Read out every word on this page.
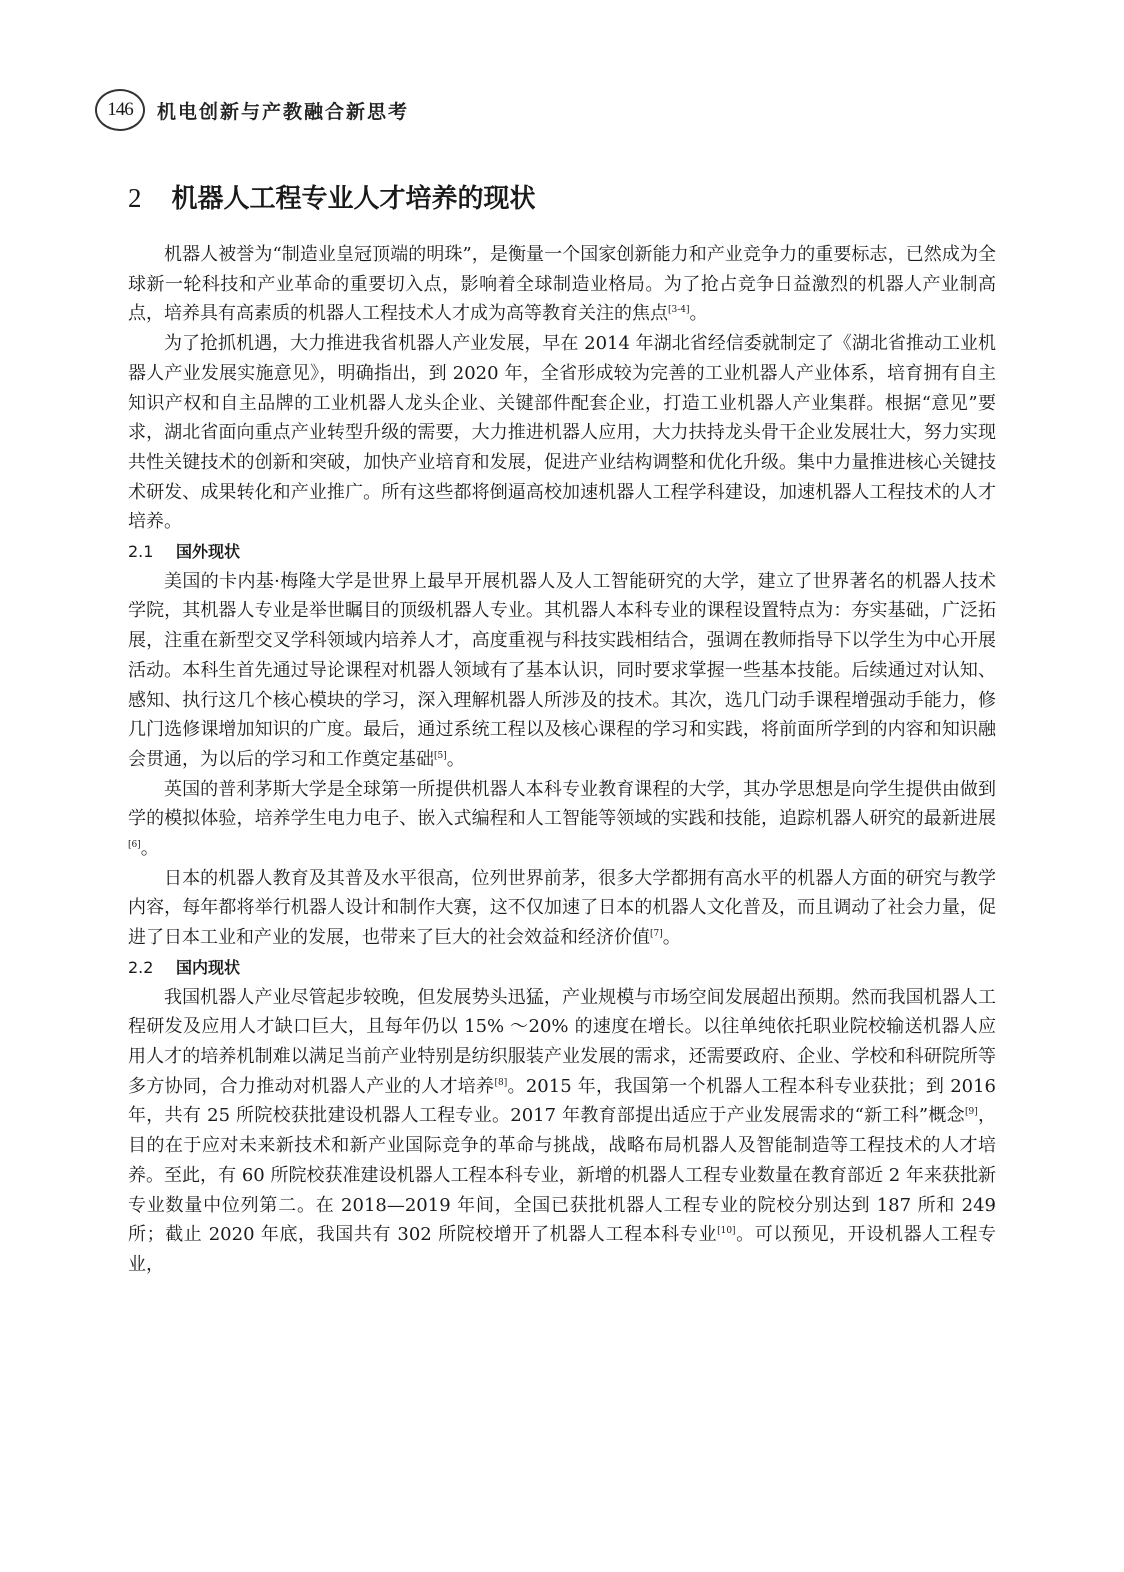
146	机电创新与产教融合新思考
2 机器人工程专业人才培养的现状

机器人被誉为“制造业皇冠顶端的明珠”，是衡量一个国家创新能力和产业竞争力的重要标志，已然成为全球新一轮科技和产业革命的重要切入点，影响着全球制造业格局。为了抢占竞争日益激烈的机器人产业制高点，培养具有高素质的机器人工程技术人才成为高等教育关注的焦点[3-4]。

为了抢抓机遇，大力推进我省机器人产业发展，早在 2014 年湖北省经信委就制定了《湖北省推动工业机器人产业发展实施意见》，明确指出，到 2020 年，全省形成较为完善的工业机器人产业体系，培育拥有自主知识产权和自主品牌的工业机器人龙头企业、关键部件配套企业，打造工业机器人产业集群。根据“意见”要求，湖北省面向重点产业转型升级的需要，大力推进机器人应用，大力扶持龙头骨干企业发展壮大，努力实现共性关键技术的创新和突破，加快产业培育和发展，促进产业结构调整和优化升级。集中力量推进核心关键技术研发、成果转化和产业推广。所有这些都将倒逼高校加速机器人工程学科建设，加速机器人工程技术的人才培养。

2.1	国外现状

美国的卡内基·梅隆大学是世界上最早开展机器人及人工智能研究的大学，建立了世界著名的机器人技术学院，其机器人专业是举世瞩目的顶级机器人专业。其机器人本科专业的课程设置特点为：夯实基础，广泛拓展，注重在新型交叉学科领域内培养人才，高度重视与科技实践相结合，强调在教师指导下以学生为中心开展活动。本科生首先通过导论课程对机器人领域有了基本认识，同时要求掌握一些基本技能。后续通过对认知、感知、执行这几个核心模块的学习，深入理解机器人所涉及的技术。其次，选几门动手课程增强动手能力，修几门选修课增加知识的广度。最后，通过系统工程以及核心课程的学习和实践，将前面所学到的内容和知识融会贯通，为以后的学习和工作奠定基础[5]。

英国的普利茅斯大学是全球第一所提供机器人本科专业教育课程的大学，其办学思想是向学生提供由做到学的模拟体验，培养学生电力电子、嵌入式编程和人工智能等领域的实践和技能，追踪机器人研究的最新进展[6]。

日本的机器人教育及其普及水平很高，位列世界前茅，很多大学都拥有高水平的机器人方面的研究与教学内容，每年都将举行机器人设计和制作大赛，这不仅加速了日本的机器人文化普及，而且调动了社会力量，促进了日本工业和产业的发展，也带来了巨大的社会效益和经济价值[7]。

2.2	国内现状

我国机器人产业尽管起步较晚，但发展势头迅猛，产业规模与市场空间发展超出预期。然而我国机器人工程研发及应用人才缺口巨大，且每年仍以 15% ～20% 的速度在增长。以往单纯依托职业院校输送机器人应用人才的培养机制难以满足当前产业特别是纺织服装产业发展的需求，还需要政府、企业、学校和科研院所等多方协同，合力推动对机器人产业的人才培养[8]。2015 年，我国第一个机器人工程本科专业获批；到 2016 年，共有 25 所院校获批建设机器人工程专业。2017 年教育部提出适应于产业发展需求的“新工科”概念[9]，目的在于应对未来新技术和新产业国际竞争的革命与挑战，战略布局机器人及智能制造等工程技术的人才培养。至此，有 60 所院校获准建设机器人工程本科专业，新增的机器人工程专业数量在教育部近 2 年来获批新专业数量中位列第二。在 2018—2019 年间，全国已获批机器人工程专业的院校分别达到 187 所和 249 所；截止 2020 年底，我国共有 302 所院校增开了机器人工程本科专业[10]。可以预见，开设机器人工程专业，
